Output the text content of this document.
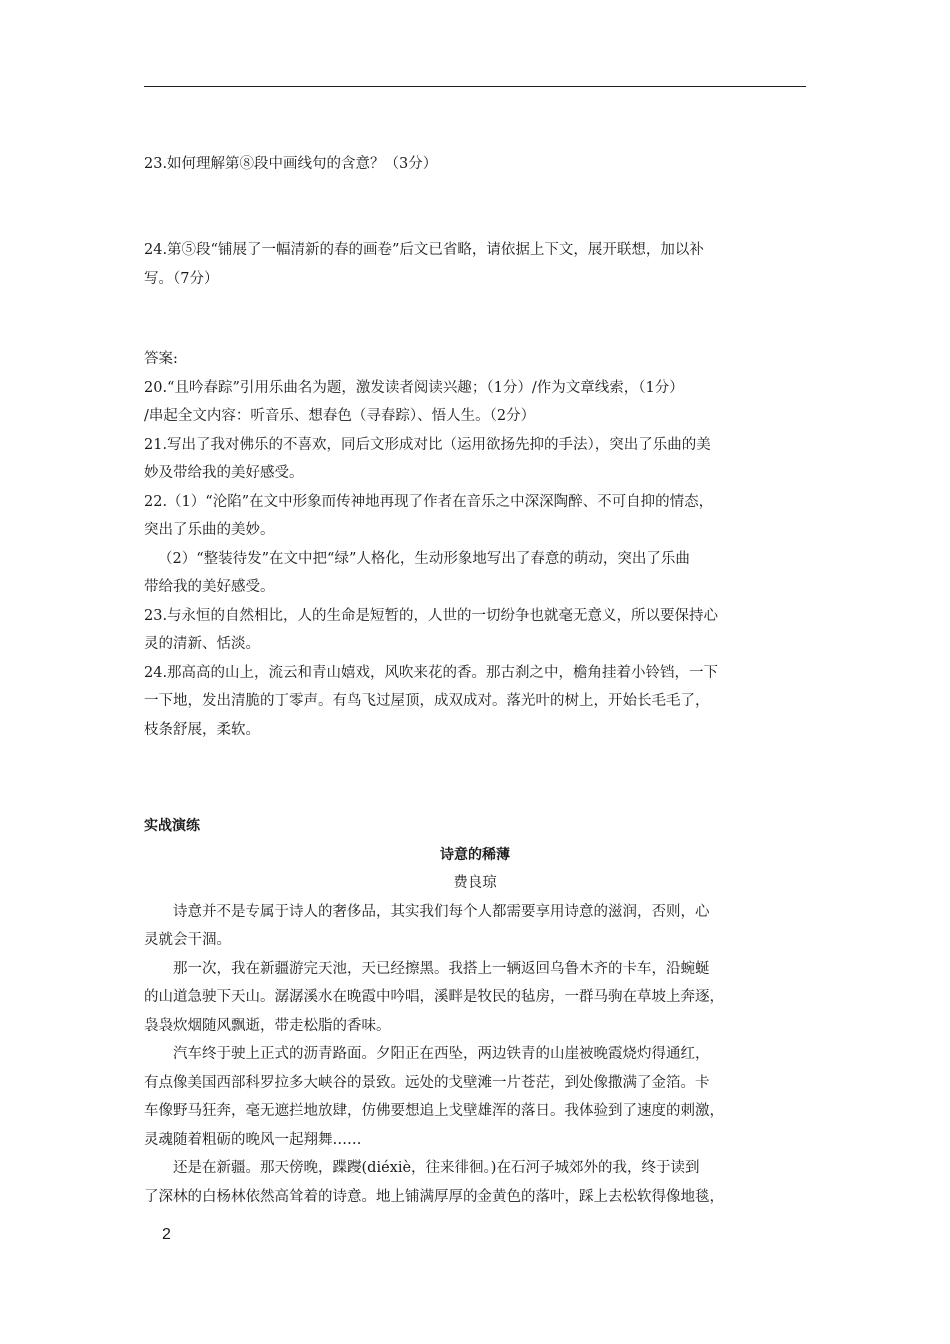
23.如何理解第⑧段中画线句的含意？（3分）

24.第⑤段“铺展了一幅清新的春的画卷”后文已省略，请依据上下文，展开联想，加以补

写。（7分）

答案:

20.“且吟春踪”引用乐曲名为题，激发读者阅读兴趣；（1分）/作为文章线索，（1分）

/串起全文内容：听音乐、想春色（寻春踪）、悟人生。（2分）

21.写出了我对佛乐的不喜欢，同后文形成对比（运用欲扬先抑的手法），突出了乐曲的美

妙及带给我的美好感受。

22.（1）“沦陷”在文中形象而传神地再现了作者在音乐之中深深陶醉、不可自抑的情态，

突出了乐曲的美妙。

（2）“整装待发”在文中把“绿”人格化，生动形象地写出了春意的萌动，突出了乐曲

带给我的美好感受。

23.与永恒的自然相比，人的生命是短暂的，人世的一切纷争也就毫无意义，所以要保持心

灵的清新、恬淡。

24.那高高的山上，流云和青山嬉戏，风吹来花的香。那古刹之中，檐角挂着小铃铛，一下

一下地，发出清脆的丁零声。有鸟飞过屋顶，成双成对。落光叶的树上，开始长毛毛了，

枝条舒展，柔软。

实战演练

诗意的稀薄

费良琼

诗意并不是专属于诗人的奢侈品，其实我们每个人都需要享用诗意的滋润，否则，心

灵就会干涸。

那一次，我在新疆游完天池，天已经擦黑。我搭上一辆返回乌鲁木齐的卡车，沿蜿蜒

的山道急驶下天山。潺潺溪水在晚霞中吟唱，溪畔是牧民的毡房，一群马驹在草坡上奔逐，

袅袅炊烟随风飘逝，带走松脂的香味。

汽车终于驶上正式的沥青路面。夕阳正在西坠，两边铁青的山崖被晚霞烧灼得通红，

有点像美国西部科罗拉多大峡谷的景致。远处的戈壁滩一片苍茫，到处像撒满了金箔。卡

车像野马狂奔，毫无遮拦地放肆，仿佛要想追上戈壁雄浑的落日。我体验到了速度的刺激，

灵魂随着粗砺的晚风一起翔舞……

还是在新疆。那天傍晚，蹀躞(diéxiè，往来徘徊。)在石河子城郊外的我，终于读到

了深林的白杨林依然高耸着的诗意。地上铺满厚厚的金黄色的落叶，踩上去松软得像地毯，

2
